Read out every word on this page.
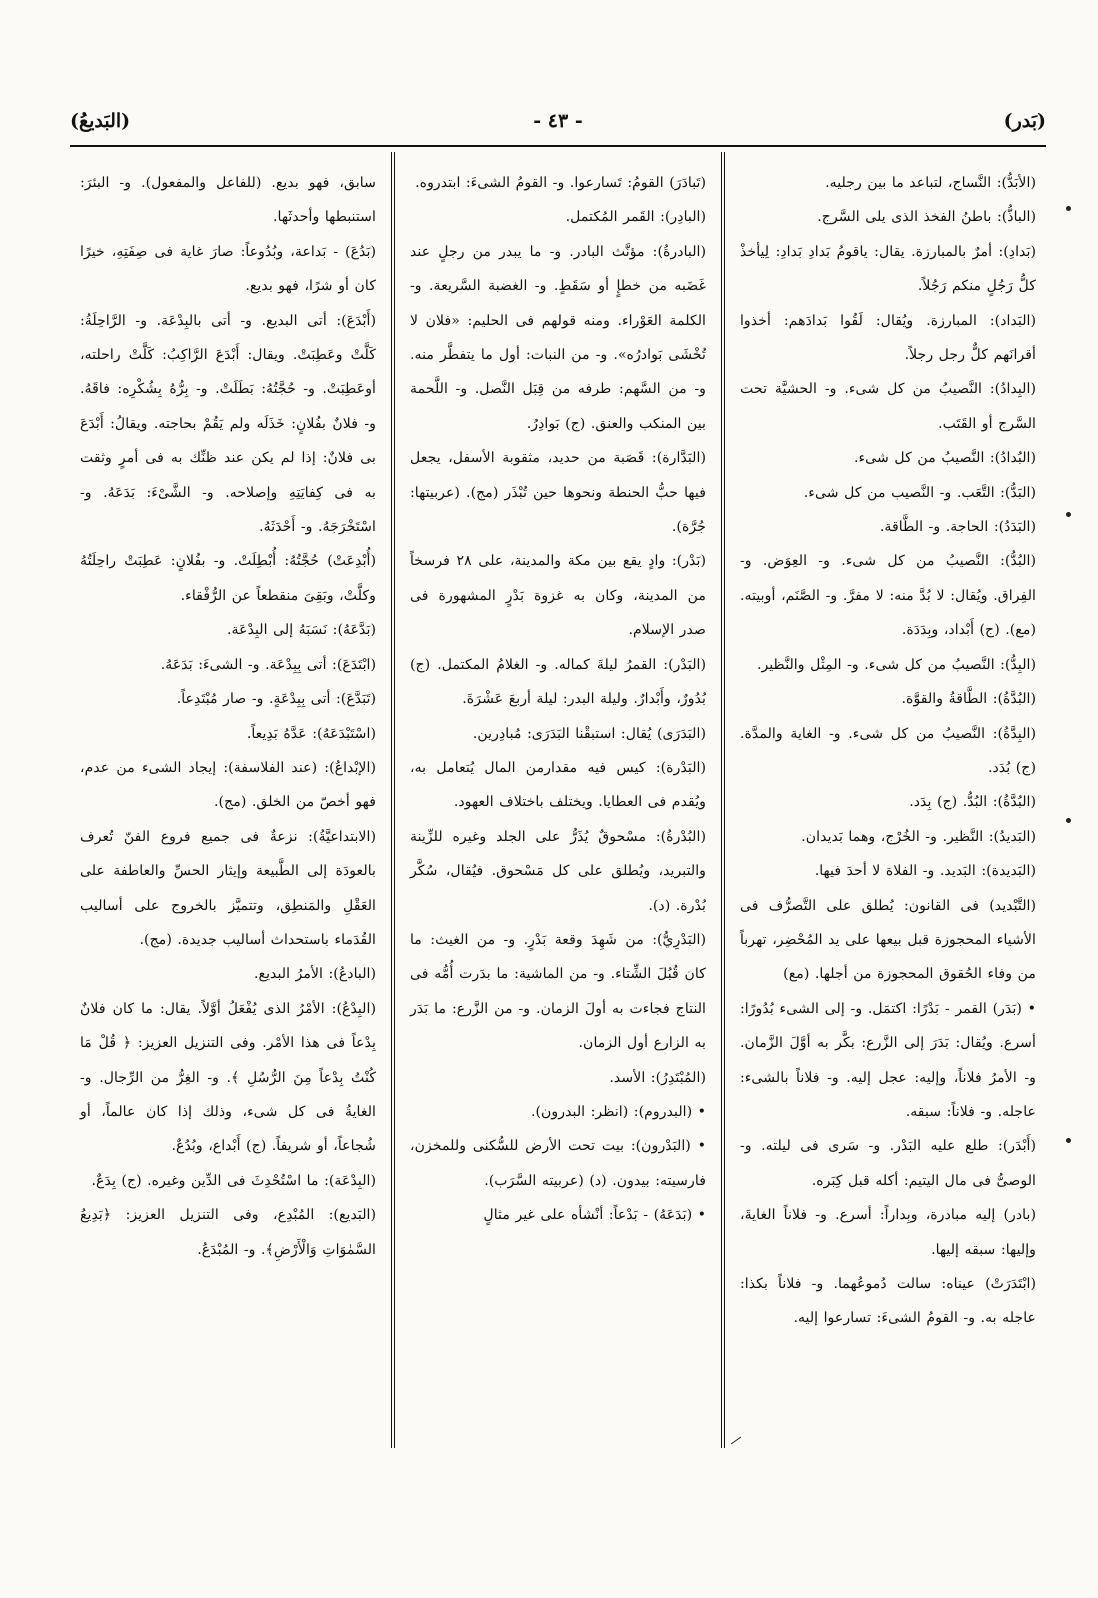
(بَدر)
- ٤٣ -
(البَديعُ)

(الأبَدُّ): النَّساج، لتباعد ما بين رجليه.

(الباذُّ): باطنُ الفخذ الذى يلى السَّرج.

(بَدادِ): أمرٌ بالمبارزة. يقال: ياقومُ بَدادِ بَدادِ: لِيأخذْ كلُّ رَجُلٍ منكم رَجُلاً.

(البَداد): المبارزة. ويُقال: لَقُوا بَدادَهم: أخذوا أقرانَهم كلٌّ رجل رجلاً.

(البِدادُ): النَّصيبُ من كل شىء. و- الحشيَّة تحت السَّرج أو القَتَب.

(البُدادُ): النَّصيبُ من كل شىء.

(البَدُّ): التَّعَب. و- النَّصيب من كل شىء.

(البَدَدُ): الحاجة. و- الطَّاقة.

(البُدُّ): النَّصيبُ من كل شىء. و- العِوَض. و- الفِراق. ويُقال: لا بُدَّ منه: لا مفرَّ. و- الصَّنَم، أوبيته. (مع). (ج) أَبْداد، وبِدَدَة.

(البِدُّ): النَّصيبُ من كل شىء. و- المِثْل والنَّظير.

(البُدَّةُ): الطَّاقةُ والقوَّة.

(البِدَّةُ): النَّصيبُ من كل شىء. و- الغاية والمدَّة. (ج) بُدَد.

(البُدَّةُ): البُدُّ. (ج) بِدَد.

(البَديدُ): النَّظير. و- الخُرْج، وهما بَديدان.

(البَديدة): البَديد. و- الفلاة لا أحدَ فيها.

(التَّبْديد) فى القانون: يُطلق على التَّصرُّف فى الأشياء المحجوزة قبل بيعها على يد المُحْضِر، تهرباً من وفاء الحُقوق المحجوزة من أجلها. (مع)

• (بَدَر) القمر - بَدْرًا: اكتمَل. و- إلى الشىء بُدُورًا: أسرع. ويُقال: بَدَرَ إلى الزَّرع: بكَّر به أوَّلَ الزَّمان. و- الأمرُ فلاناً، وإليه: عجل إليه. و- فلاناً بالشىء: عاجله. و- فلاناً: سبقه.

(أَبْدَر): طلع عليه البَدْر. و- سَرى فى ليلته. و- الوصىُّ فى مال اليتيم: أكله قبل كِبَره.

(بادر) إليه مبادرة، وبِداراً: أسرع. و- فلاناً الغايةَ، وإليها: سبقه إليها.

(ابْتَدَرَتْ) عيناه: سالت دُموعُهما. و- فلاناً بكذا: عاجله به. و- القومُ الشىءَ: تسارعوا إليه.

(تَبادَرَ) القومُ: تَسارعوا. و- القومُ الشىءَ: ابتدروه.

(البادِر): القَمر المُكتمل.

(البادرةُ): مؤنَّث البادر. و- ما يبدر من رجلٍ عند غَضَبه من خطإٍ أو سَقَطٍ. و- الغضبة السَّريعة. و- الكلمة العَوْراء. ومنه قولهم فى الحليم: «فلان لا تُخْشَى بَوادرُه». و- من النبات: أول ما يتفطَّر منه. و- من السَّهم: طرفه من قِبَل النَّصل. و- اللَّحمة بين المنكب والعنق. (ج) بَوادِرُ.

(البَدَّارة): قَصَبة من حديد، مثقوبة الأسفل، يجعل فيها حبُّ الحنطة ونحوها حين تُبْذَر (مج). (عربيتها: جُرَّة).

(بَدْر): وادٍ يقع بين مكة والمدينة، على ٢٨ فرسخاً من المدينة، وكان به غزوة بَدْرٍ المشهورة فى صدر الإسلام.

(البَدْر): القمرُ ليلةَ كماله. و- الغلامُ المكتمل. (ج) بُدُورٌ، وأَبْدارٌ. وليلة البدر: ليلة أربعَ عَشْرَةَ.

(البَدَرَى) يُقال: استبقْنا البَدَرَى: مُبادِرين.

(البَدْرة): كيس فيه مقدارمن المال يُتعامل به، ويُقدم فى العطايا. ويختلف باختلاف العهود.

(البُدْرةُ): مسْحوقٌ يُذَرُّ على الجلد وغيره للزِّينة والتبريد، ويُطلق على كل مَسْحوق. فيُقال، سُكَّر بُدْرة. (د).

(البَدْرِيُّ): من شَهِدَ وقعة بَدْرٍ. و- من الغيث: ما كان قُبُلَ الشِّتاء. و- من الماشية: ما بدَرت أُمُّه فى النتاج فجاءت به أولَ الزمان. و- من الزَّرع: ما بَدَر به الزارع أول الزمان.

(المُبْتَدِرُ): الأسد.

• (البدروم): (انظر: البدرون).

• (البَدْرون): بيت تحت الأرض للسُّكنى وللمخزن، فارسيته: بيدون. (د) (عربيته السَّرَب).

• (بَدَعَهُ) - بَدْعاً: أنْشأه على غير مثالٍ

سابق، فهو بديع. (للفاعل والمفعول). و- البئرَ: استنبطها وأحدثَها.

(بَدُعَ) - بَداعة، وبُدُوعاً: صارَ غاية فى صِفَتِهِ، خيرًا كان أو شرًا، فهو بديع.

(أَبْدَعَ): أتى البديع. و- أتى بالبِدْعَة. و- الرَّاحِلَةُ: كَلَّتْ وعَطِبَتْ. ويقال: أَبْدَعَ الرَّاكِبُ: كَلَّتْ راحلته، أوعَطِبَتْ. و- حُجَّتُهُ: بَطَلَتْ. و- بِرُّهُ بِشُكْرِه: فاقَهُ. و- فلانٌ بفُلانٍ: خَذَلَه ولم يَقُمْ بحاجته. ويقالُ: أَبْدَعَ بى فلانٌ: إذا لم يكن عند ظنِّك به فى أمرٍ وثقت به فى كِفايَتِهِ وإصلاحه. و- الشَّىْءَ: بَدَعَهُ. و- اسْتَخْرَجَهُ. و- أَحْدَثَهُ.

(أُبْدِعَتْ) حُجَّتُهُ: أُبْطِلَتْ. و- بفُلانٍ: عَطِبَتْ راحِلَتُهُ وكلَّتْ، وبَقِىَ منقطعاً عن الرُّفْقاء.

(بَدَّعَهُ): نَسَبَهُ إلى البِدْعَة.

(ابْتَدَعَ): أتى بِبِدْعَة. و- الشىءَ: بَدَعَهُ.

(تَبَدَّعَ): أتى بِبِدْعَةٍ. و- صار مُبْتَدِعاً.

(اسْتَبْدَعَهُ): عَدَّهُ بَدِيعاً.

(الإبْداعُ): (عند الفلاسفة): إيجاد الشىء من عدم، فهو أخصّ من الخلق. (مج).

(الابتداعيَّةُ): نزعةٌ فى جميع فروع الفنّ تُعرف بالعودَة إلى الطَّبيعة وإيثار الحسِّ والعاطفة على العَقْلِ والمَنطِق، وتتميَّز بالخروج على أساليب القُدَماء باستحداث أساليب جديدة. (مج).

(البادعُ): الأمرُ البديع.

(البِدْعُ): الأمْرُ الذى يُفْعَلُ أوَّلاً. يقال: ما كان فلانٌ بِدْعاً فى هذا الأمْر. وفى التنزيل العزيز: ﴿ قُلْ مَا كُنْتُ بِدْعاً مِنَ الرُّسُلِ ﴾. و- الغِرُّ من الرِّجال. و- الغايةُ فى كل شىء، وذلك إذا كان عالماً، أو شُجاعاً، أو شريفاً. (ج) أَبْداع، وبُدُعٌ.

(البِدْعَة): ما اسْتُحْدِثَ فى الدِّين وغيره. (ج) بِدَعٌ.

(البَديع): المُبْدِع، وفى التنزيل العزيز: ﴿بَدِيعُ السَّمٰوَاتِ وَالْأَرْضِ﴾. و- المُبْدَعُ.
